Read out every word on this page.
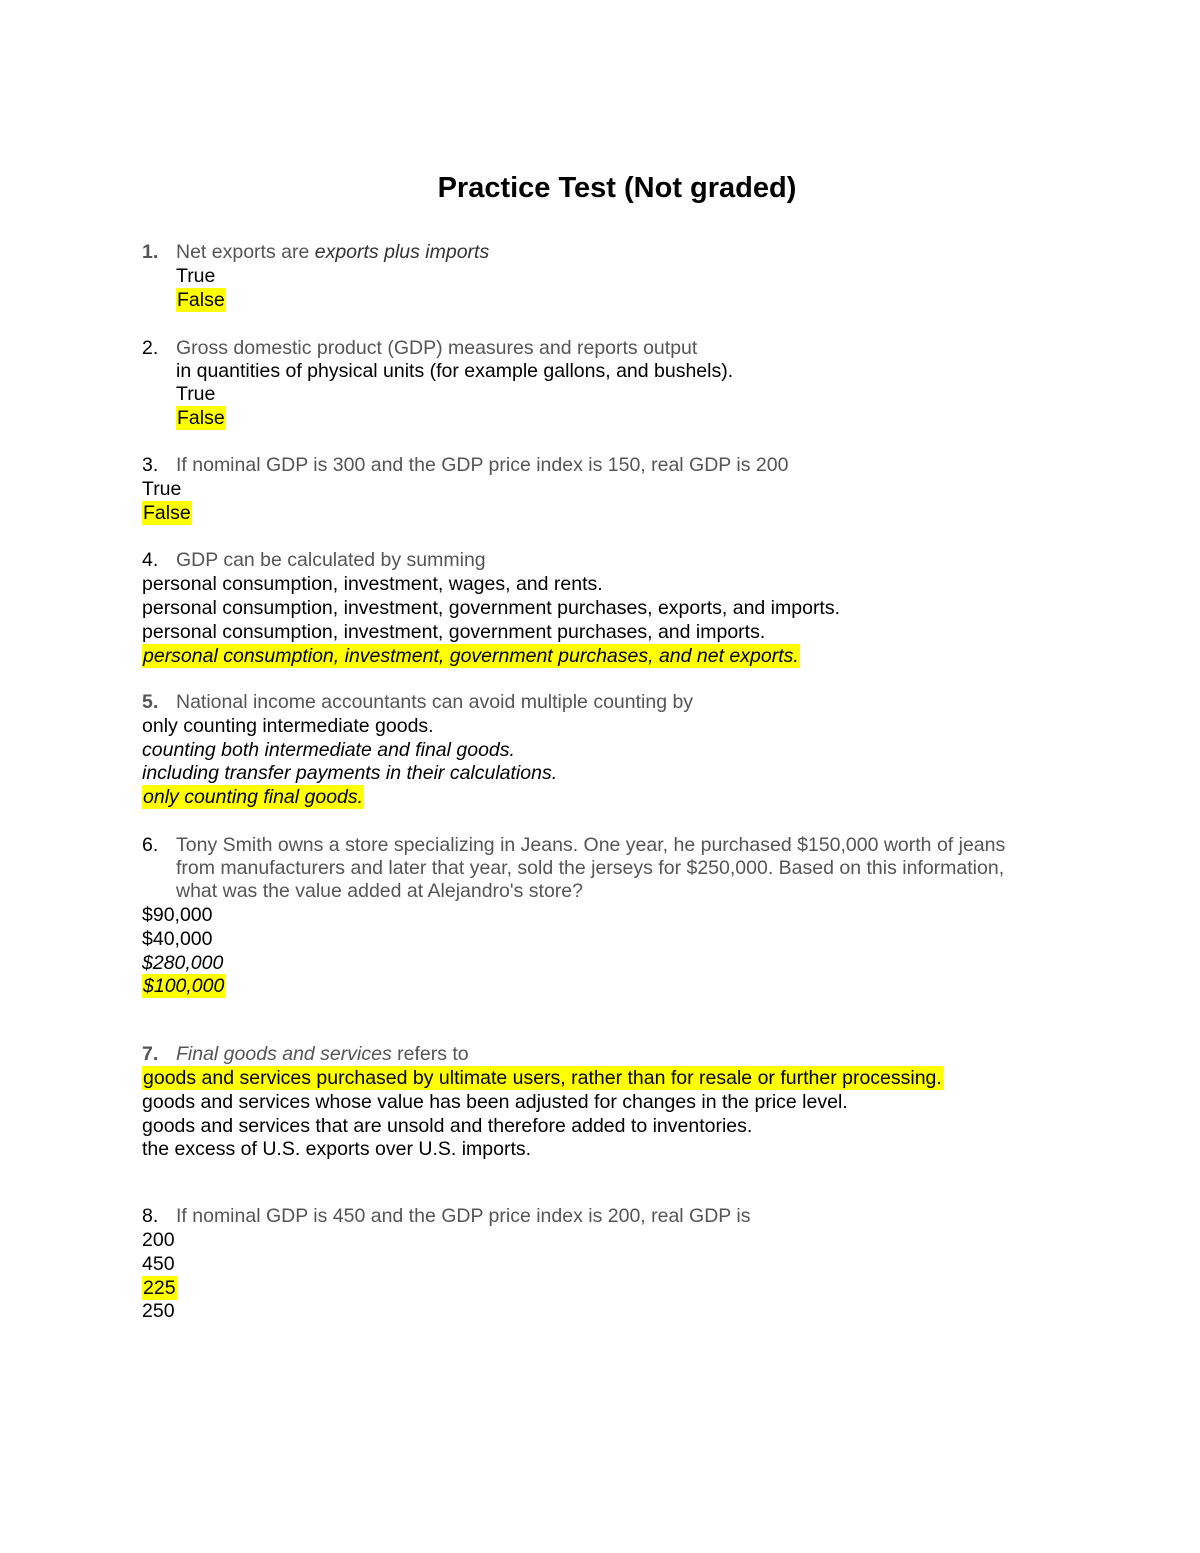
Practice Test (Not graded)
1. Net exports are exports plus imports
True
False
2. Gross domestic product (GDP) measures and reports output
in quantities of physical units (for example gallons, and bushels).
True
False
3. If nominal GDP is 300 and the GDP price index is 150, real GDP is 200
True
False
4. GDP can be calculated by summing
personal consumption, investment, wages, and rents.
personal consumption, investment, government purchases, exports, and imports.
personal consumption, investment, government purchases, and imports.
personal consumption, investment, government purchases, and net exports.
5. National income accountants can avoid multiple counting by
only counting intermediate goods.
counting both intermediate and final goods.
including transfer payments in their calculations.
only counting final goods.
6. Tony Smith owns a store specializing in Jeans. One year, he purchased $150,000 worth of jeans
from manufacturers and later that year, sold the jerseys for $250,000. Based on this information,
what was the value added at Alejandro's store?
$90,000
$40,000
$280,000
$100,000
7. Final goods and services refers to
goods and services purchased by ultimate users, rather than for resale or further processing.
goods and services whose value has been adjusted for changes in the price level.
goods and services that are unsold and therefore added to inventories.
the excess of U.S. exports over U.S. imports.
8. If nominal GDP is 450 and the GDP price index is 200, real GDP is
200
450
225
250
